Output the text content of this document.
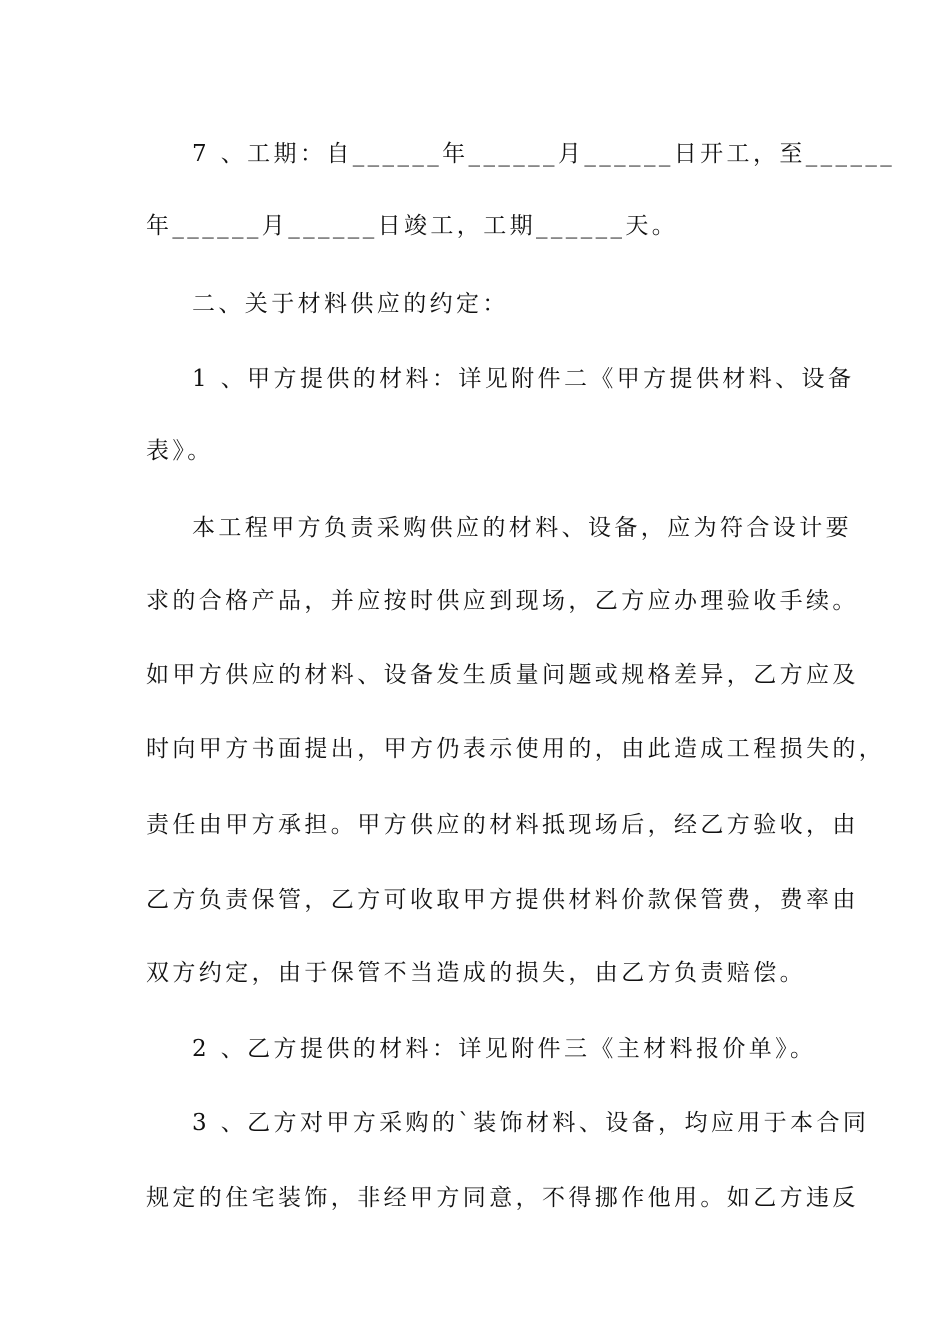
7 、工期：自______年______月______日开工，至______
年______月______日竣工，工期______天。
二、关于材料供应的约定：
1 、甲方提供的材料：详见附件二《甲方提供材料、设备
表》。
本工程甲方负责采购供应的材料、设备，应为符合设计要
求的合格产品，并应按时供应到现场，乙方应办理验收手续。
如甲方供应的材料、设备发生质量问题或规格差异，乙方应及
时向甲方书面提出，甲方仍表示使用的，由此造成工程损失的，
责任由甲方承担。甲方供应的材料抵现场后，经乙方验收，由
乙方负责保管，乙方可收取甲方提供材料价款保管费，费率由
双方约定，由于保管不当造成的损失，由乙方负责赔偿。
2 、乙方提供的材料：详见附件三《主材料报价单》。
3 、乙方对甲方采购的`装饰材料、设备，均应用于本合同
规定的住宅装饰，非经甲方同意，不得挪作他用。如乙方违反
